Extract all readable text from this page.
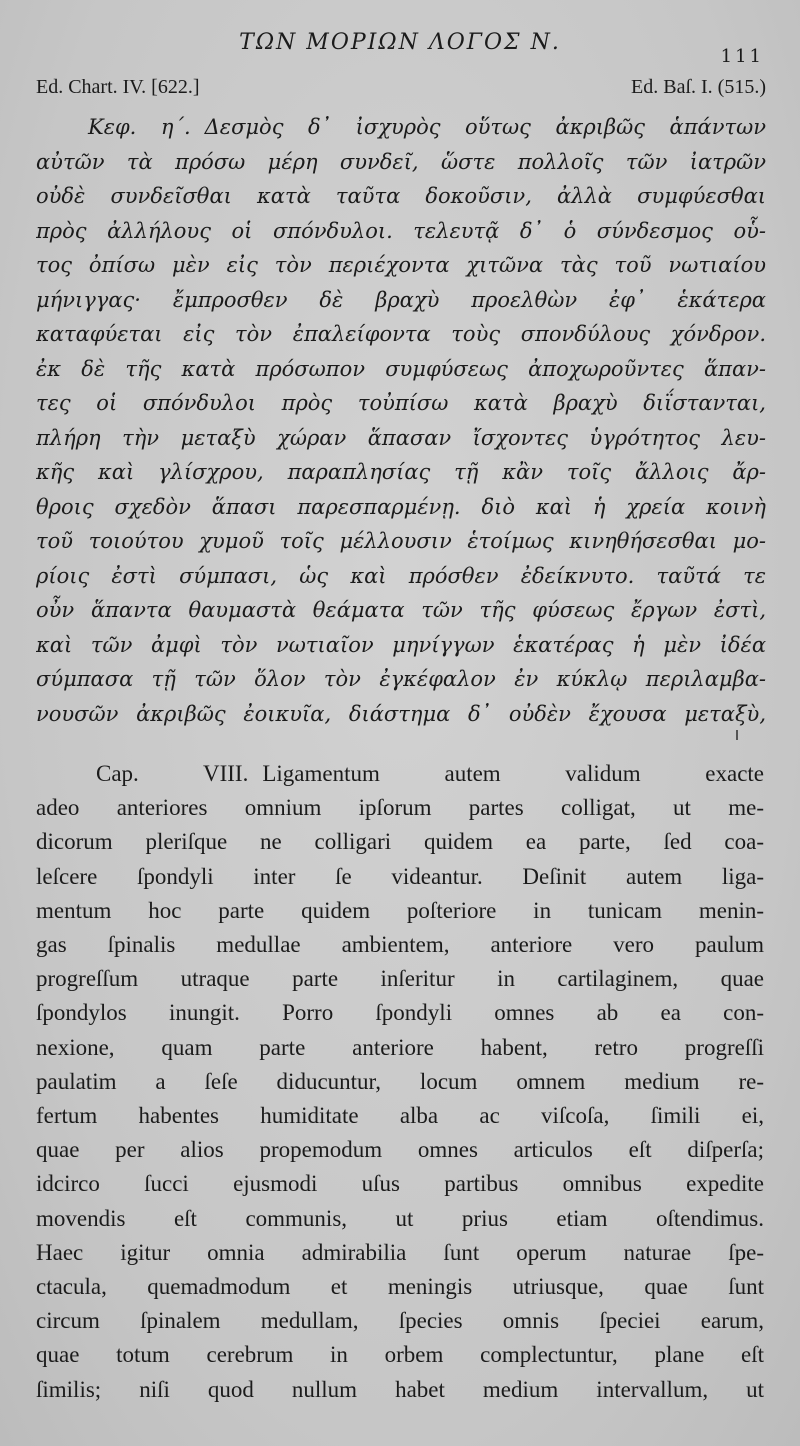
ΤΩΝ ΜΟΡΙΩΝ ΛΟΓΟΣ Ν.
111
Ed. Chart. IV. [622.]	Ed. Baſ. I. (515.)
Κεφ. η΄. Δεσμὸς δ᾽ ἰσχυρὸς οὕτως ἀκριβῶς ἁπάντων
αὐτῶν τὰ πρόσω μέρη συνδεῖ, ὥστε πολλοῖς τῶν ἰατρῶν
οὐδὲ συνδεῖσθαι κατὰ ταῦτα δοκοῦσιν, ἀλλὰ συμφύεσθαι
πρὸς ἀλλήλους οἱ σπόνδυλοι. τελευτᾷ δ᾽ ὁ σύνδεσμος οὗ-
τος ὀπίσω μὲν εἰς τὸν περιέχοντα χιτῶνα τὰς τοῦ νωτιαίου
μήνιγγας· ἔμπροσθεν δὲ βραχὺ προελθὼν ἐφ᾽ ἑκάτερα
καταφύεται εἰς τὸν ἐπαλείφοντα τοὺς σπονδύλους χόνδρον.
ἐκ δὲ τῆς κατὰ πρόσωπον συμφύσεως ἀποχωροῦντες ἅπαν-
τες οἱ σπόνδυλοι πρὸς τοὐπίσω κατὰ βραχὺ διΐστανται,
πλήρη τὴν μεταξὺ χώραν ἅπασαν ἴσχοντες ὑγρότητος λευ-
κῆς καὶ γλίσχρου, παραπλησίας τῇ κἂν τοῖς ἄλλοις ἄρ-
θροις σχεδὸν ἅπασι παρεσπαρμένῃ. διὸ καὶ ἡ χρεία κοινὴ
τοῦ τοιούτου χυμοῦ τοῖς μέλλουσιν ἑτοίμως κινηθήσεσθαι μο-
ρίοις ἐστὶ σύμπασι, ὡς καὶ πρόσθεν ἐδείκνυτο. ταῦτά τε
οὖν ἅπαντα θαυμαστὰ θεάματα τῶν τῆς φύσεως ἔργων ἐστὶ,
καὶ τῶν ἀμφὶ τὸν νωτιαῖον μηνίγγων ἑκατέρας ἡ μὲν ἰδέα
σύμπασα τῇ τῶν ὅλον τὸν ἐγκέφαλον ἐν κύκλῳ περιλαμβα-
νουσῶν ἀκριβῶς ἐοικυῖα, διάστημα δ᾽ οὐδὲν ἔχουσα μεταξὺ,
Cap. VIII. Ligamentum autem validum exacte
adeo anteriores omnium ipſorum partes colligat, ut me-
dicorum pleriſque ne colligari quidem ea parte, ſed coa-
leſcere ſpondyli inter ſe videantur. Deſinit autem liga-
mentum hoc parte quidem poſteriore in tunicam menin-
gas ſpinalis medullae ambientem, anteriore vero paulum
progreſſum utraque parte inſeritur in cartilaginem, quae
ſpondylos inungit. Porro ſpondyli omnes ab ea con-
nexione, quam parte anteriore habent, retro progreſſi
paulatim a ſeſe diducuntur, locum omnem medium re-
fertum habentes humiditate alba ac viſcoſa, ſimili ei,
quae per alios propemodum omnes articulos eſt diſperſa;
idcirco ſucci ejusmodi uſus partibus omnibus expedite
movendis eſt communis, ut prius etiam oſtendimus.
Haec igitur omnia admirabilia ſunt operum naturae ſpe-
ctacula, quemadmodum et meningis utriusque, quae ſunt
circum ſpinalem medullam, ſpecies omnis ſpeciei earum,
quae totum cerebrum in orbem complectuntur, plane eſt
ſimilis; niſi quod nullum habet medium intervallum, ut
